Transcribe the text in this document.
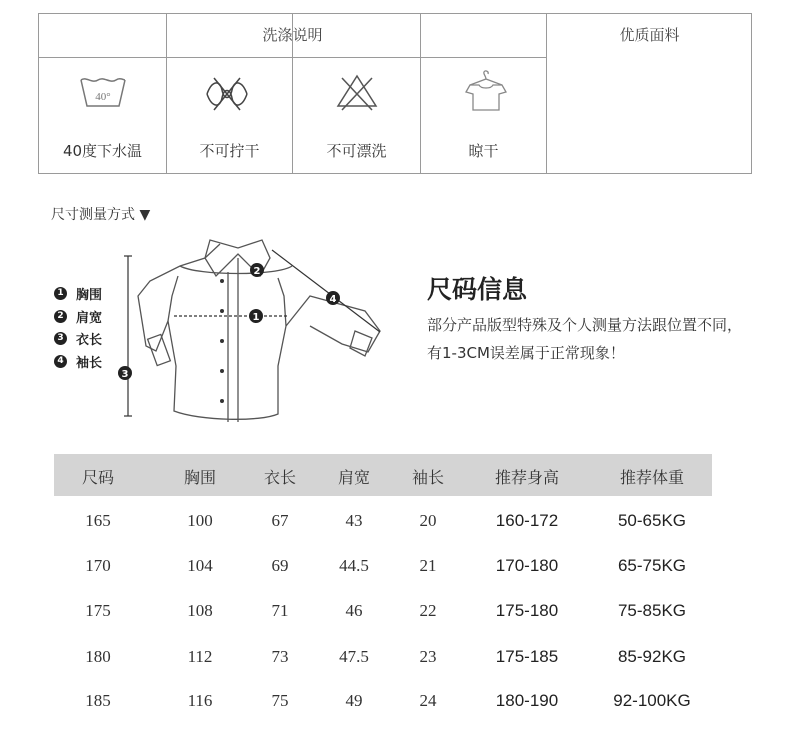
洗涤说明	优质面料
40°
40度下水温	不可拧干	不可漂洗	晾干
尺寸测量方式 ▼
1 胸围
2 肩宽
3 衣长
4 袖长
1
2
3
4	尺码信息
部分产品版型特殊及个人测量方法跟位置不同，有1-3CM误差属于正常现象！
尺码	胸围	衣长	肩宽	袖长	推荐身高	推荐体重
165	100	67	43	20	160-172	50-65KG
170	104	69	44.5	21	170-180	65-75KG
175	108	71	46	22	175-180	75-85KG
180	112	73	47.5	23	175-185	85-92KG
185	116	75	49	24	180-190	92-100KG
